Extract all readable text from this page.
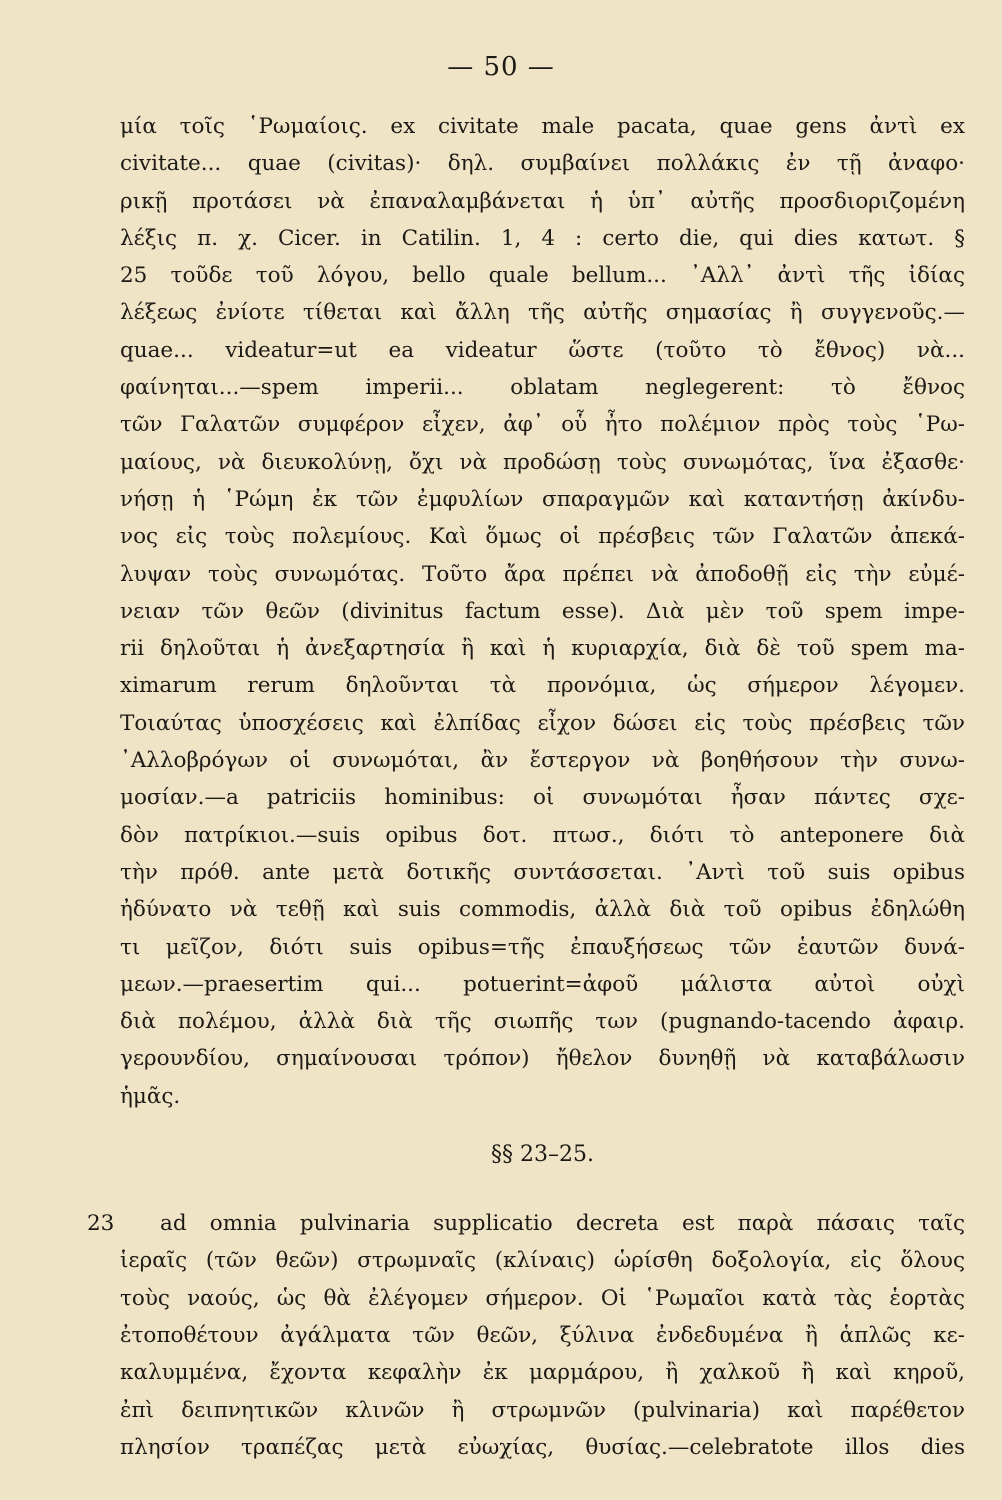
— 50 —
μία τοῖς ῾Ρωμαίοις. ex civitate male pacata, quae gens ἀντὶ ex
civitate... quae (civitas)· δηλ. συμβαίνει πολλάκις ἐν τῇ ἀναφο·
ρικῇ προτάσει νὰ ἐπαναλαμβάνεται ἡ ὑπ᾽ αὐτῆς προσδιοριζομένη
λέξις π. χ. Cicer. in Catilin. 1, 4 : certo die, qui dies κατωτ. §
25 τοῦδε τοῦ λόγου, bello quale bellum... ᾽Αλλ᾽ ἀντὶ τῆς ἰδίας
λέξεως ἐνίοτε τίθεται καὶ ἄλλη τῆς αὐτῆς σημασίας ἢ συγγενοῦς.—
quae... videatur=ut ea videatur ὥστε (τοῦτο τὸ ἔθνος) νὰ...
φαίνηται...—spem imperii... oblatam neglegerent: τὸ ἔθνος
τῶν Γαλατῶν συμφέρον εἶχεν, ἀφ᾽ οὗ ἦτο πολέμιον πρὸς τοὺς ῾Ρω-
μαίους, νὰ διευκολύνῃ, ὄχι νὰ προδώσῃ τοὺς συνωμότας, ἵνα ἐξασθε·
νήσῃ ἡ ῾Ρώμη ἐκ τῶν ἐμφυλίων σπαραγμῶν καὶ καταντήσῃ ἀκίνδυ-
νος εἰς τοὺς πολεμίους. Καὶ ὅμως οἱ πρέσβεις τῶν Γαλατῶν ἀπεκά-
λυψαν τοὺς συνωμότας. Τοῦτο ἄρα πρέπει νὰ ἀποδοθῇ εἰς τὴν εὐμέ-
νειαν τῶν θεῶν (divinitus factum esse). Διὰ μὲν τοῦ spem impe-
rii δηλοῦται ἡ ἀνεξαρτησία ἢ καὶ ἡ κυριαρχία, διὰ δὲ τοῦ spem ma-
ximarum rerum δηλοῦνται τὰ προνόμια, ὡς σήμερον λέγομεν.
Τοιαύτας ὑποσχέσεις καὶ ἐλπίδας εἶχον δώσει εἰς τοὺς πρέσβεις τῶν
᾽Αλλοβρόγων οἱ συνωμόται, ἂν ἔστεργον νὰ βοηθήσουν τὴν συνω-
μοσίαν.—a patriciis hominibus: οἱ συνωμόται ἦσαν πάντες σχε-
δὸν πατρίκιοι.—suis opibus δοτ. πτωσ., διότι τὸ anteponere διὰ
τὴν πρόθ. ante μετὰ δοτικῆς συντάσσεται. ᾽Αντὶ τοῦ suis opibus
ἠδύνατο νὰ τεθῇ καὶ suis commodis, ἀλλὰ διὰ τοῦ opibus ἐδηλώθη
τι μεῖζον, διότι suis opibus=τῆς ἐπαυξήσεως τῶν ἑαυτῶν δυνά-
μεων.—praesertim qui... potuerint=ἀφοῦ μάλιστα αὐτοὶ οὐχὶ
διὰ πολέμου, ἀλλὰ διὰ τῆς σιωπῆς των (pugnando-tacendo ἀφαιρ.
γερουνδίου, σημαίνουσαι τρόπον) ἤθελον δυνηθῇ νὰ καταβάλωσιν
ἡμᾶς.
§§ 23–25.
23	ad omnia pulvinaria supplicatio decreta est παρὰ πάσαις ταῖς
ἱεραῖς (τῶν θεῶν) στρωμναῖς (κλίναις) ὡρίσθη δοξολογία, εἰς ὅλους
τοὺς ναούς, ὡς θὰ ἐλέγομεν σήμερον. Οἱ ῾Ρωμαῖοι κατὰ τὰς ἑορτὰς
ἐτοποθέτουν ἀγάλματα τῶν θεῶν, ξύλινα ἐνδεδυμένα ἢ ἁπλῶς κε-
καλυμμένα, ἔχοντα κεφαλὴν ἐκ μαρμάρου, ἢ χαλκοῦ ἢ καὶ κηροῦ,
ἐπὶ δειπνητικῶν κλινῶν ἢ στρωμνῶν (pulvinaria) καὶ παρέθετον
πλησίον τραπέζας μετὰ εὐωχίας, θυσίας.—celebratote illos dies
